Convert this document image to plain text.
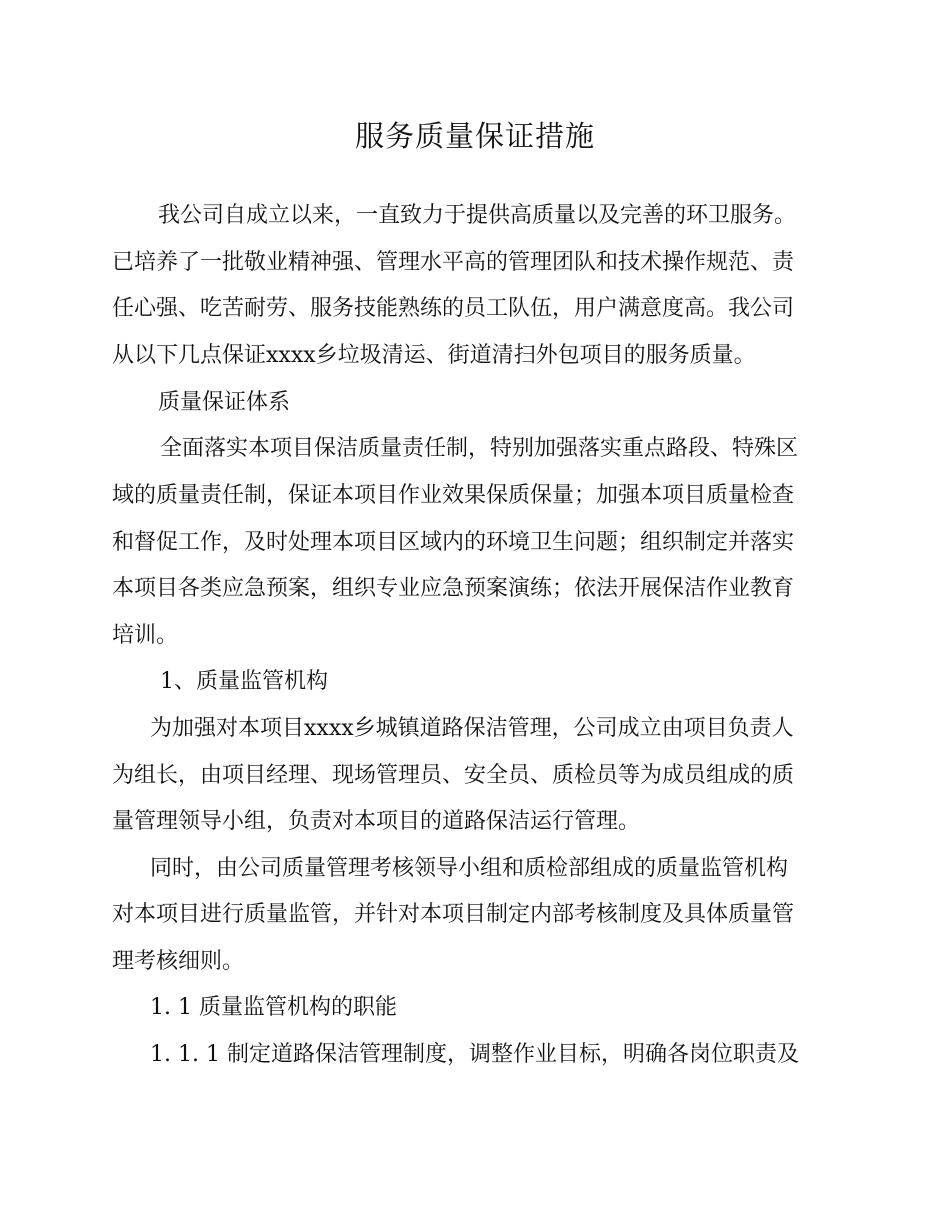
服务质量保证措施
我公司自成立以来，一直致力于提供高质量以及完善的环卫服务。
已培养了一批敬业精神强、管理水平高的管理团队和技术操作规范、责
任心强、吃苦耐劳、服务技能熟练的员工队伍，用户满意度高。我公司
从以下几点保证xxxx乡垃圾清运、街道清扫外包项目的服务质量。
质量保证体系
全面落实本项目保洁质量责任制，特别加强落实重点路段、特殊区
域的质量责任制，保证本项目作业效果保质保量；加强本项目质量检查
和督促工作，及时处理本项目区域内的环境卫生问题；组织制定并落实
本项目各类应急预案，组织专业应急预案演练；依法开展保洁作业教育
培训。
1、质量监管机构
为加强对本项目xxxx乡城镇道路保洁管理，公司成立由项目负责人
为组长，由项目经理、现场管理员、安全员、质检员等为成员组成的质
量管理领导小组，负责对本项目的道路保洁运行管理。
同时，由公司质量管理考核领导小组和质检部组成的质量监管机构
对本项目进行质量监管，并针对本项目制定内部考核制度及具体质量管
理考核细则。
1. 1 质量监管机构的职能
1. 1. 1 制定道路保洁管理制度，调整作业目标，明确各岗位职责及
